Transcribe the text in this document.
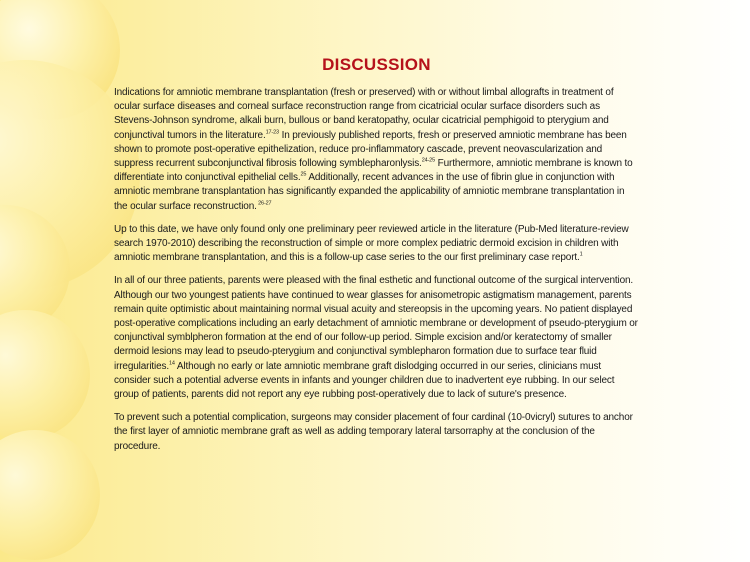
DISCUSSION

Indications for amniotic membrane transplantation (fresh or preserved) with or without limbal allografts in treatment of ocular surface diseases and corneal surface reconstruction range from cicatricial ocular surface disorders such as Stevens-Johnson syndrome, alkali burn, bullous or band keratopathy, ocular cicatricial pemphigoid to pterygium and conjunctival tumors in the literature.$^{17-23}$ In previously published reports, fresh or preserved amniotic membrane has been shown to promote post-operative epithelization, reduce pro-inflammatory cascade, prevent neovascularization and suppress recurrent subconjunctival fibrosis following symblepharonlysis.$^{24-25}$ Furthermore, amniotic membrane is known to differentiate into conjunctival epithelial cells.$^{25}$ Additionally, recent advances in the use of fibrin glue in conjunction with amniotic membrane transplantation has significantly expanded the applicability of amniotic membrane transplantation in the ocular surface reconstruction. $^{26-27}$

Up to this date, we have only found only one preliminary peer reviewed article in the literature (Pub-Med literature-review search 1970-2010) describing the reconstruction of simple or more complex pediatric dermoid excision in children with amniotic membrane transplantation, and this is a follow-up case series to the our first preliminary case report.$^1$

In all of our three patients, parents were pleased with the final esthetic and functional outcome of the surgical intervention. Although our two youngest patients have continued to wear glasses for anisometropic astigmatism management, parents remain quite optimistic about maintaining normal visual acuity and stereopsis in the upcoming years. No patient displayed post-operative complications including an early detachment of amniotic membrane or development of pseudo-pterygium or conjunctival symblpheron formation at the end of our follow-up period. Simple excision and/or keratectomy of smaller dermoid lesions may lead to pseudo-pterygium and conjunctival symblepharon formation due to surface tear fluid irregularities.$^{14}$ Although no early or late amniotic membrane graft dislodging occurred in our series, clinicians must consider such a potential adverse events in infants and younger children due to inadvertent eye rubbing. In our select group of patients, parents did not report any eye rubbing post-operatively due to lack of suture's presence.

To prevent such a potential complication, surgeons may consider placement of four cardinal (10-0vicryl) sutures to anchor the first layer of amniotic membrane graft as well as adding temporary lateral tarsorraphy at the conclusion of the procedure.
